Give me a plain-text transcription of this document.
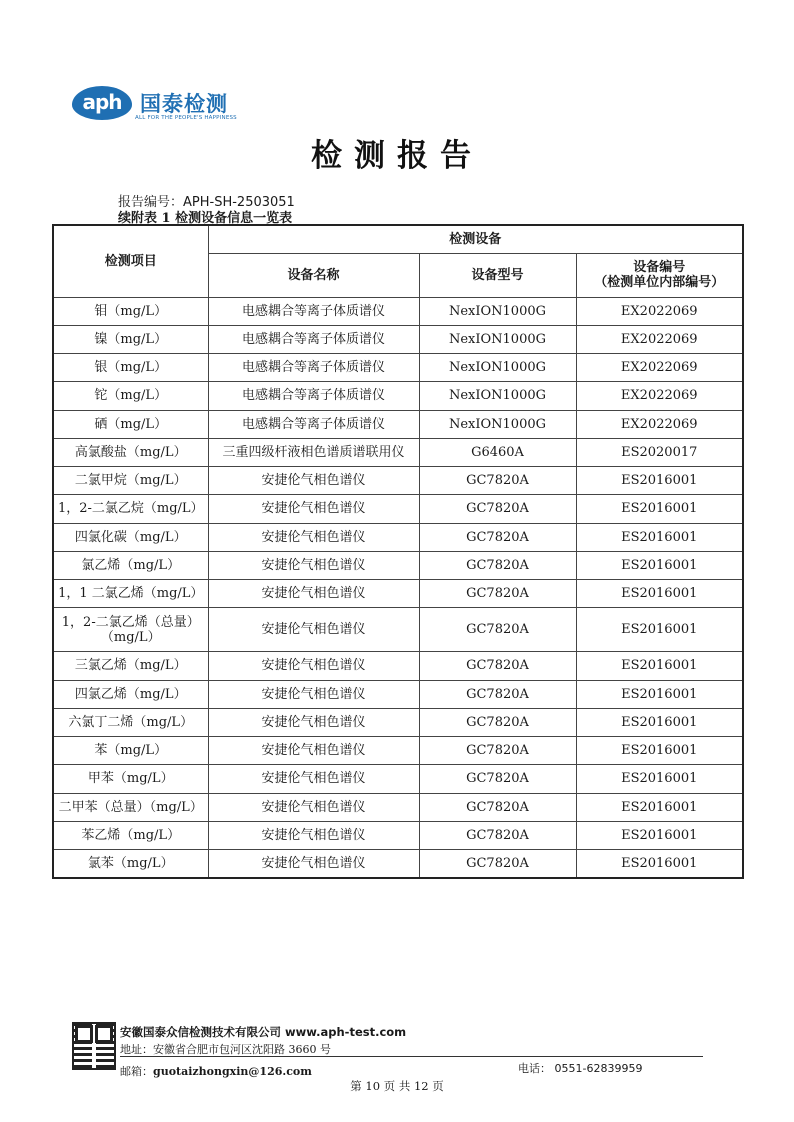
aph 国泰检测
ALL FOR THE PEOPLE'S HAPPINESS
检测报告
报告编号：APH-SH-2503051
续附表 1 检测设备信息一览表
检测项目	检测设备		
	设备名称	设备型号	设备编号
（检测单位内部编号）
钼（mg/L）	电感耦合等离子体质谱仪	NexION1000G	EX2022069
镍（mg/L）	电感耦合等离子体质谱仪	NexION1000G	EX2022069
银（mg/L）	电感耦合等离子体质谱仪	NexION1000G	EX2022069
铊（mg/L）	电感耦合等离子体质谱仪	NexION1000G	EX2022069
硒（mg/L）	电感耦合等离子体质谱仪	NexION1000G	EX2022069
高氯酸盐（mg/L）	三重四级杆液相色谱质谱联用仪	G6460A	ES2020017
二氯甲烷（mg/L）	安捷伦气相色谱仪	GC7820A	ES2016001
1，2-二氯乙烷（mg/L）	安捷伦气相色谱仪	GC7820A	ES2016001
四氯化碳（mg/L）	安捷伦气相色谱仪	GC7820A	ES2016001
氯乙烯（mg/L）	安捷伦气相色谱仪	GC7820A	ES2016001
1，1 二氯乙烯（mg/L）	安捷伦气相色谱仪	GC7820A	ES2016001
1，2-二氯乙烯（总量）
（mg/L）	安捷伦气相色谱仪	GC7820A	ES2016001
三氯乙烯（mg/L）	安捷伦气相色谱仪	GC7820A	ES2016001
四氯乙烯（mg/L）	安捷伦气相色谱仪	GC7820A	ES2016001
六氯丁二烯（mg/L）	安捷伦气相色谱仪	GC7820A	ES2016001
苯（mg/L）	安捷伦气相色谱仪	GC7820A	ES2016001
甲苯（mg/L）	安捷伦气相色谱仪	GC7820A	ES2016001
二甲苯（总量）（mg/L）	安捷伦气相色谱仪	GC7820A	ES2016001
苯乙烯（mg/L）	安捷伦气相色谱仪	GC7820A	ES2016001
氯苯（mg/L）	安捷伦气相色谱仪	GC7820A	ES2016001
安徽国泰众信检测技术有限公司 www.aph-test.com
地址：安徽省合肥市包河区沈阳路 3660 号
邮箱：guotaizhongxin@126.com	电话： 0551-62839959
第 10 页 共 12 页
